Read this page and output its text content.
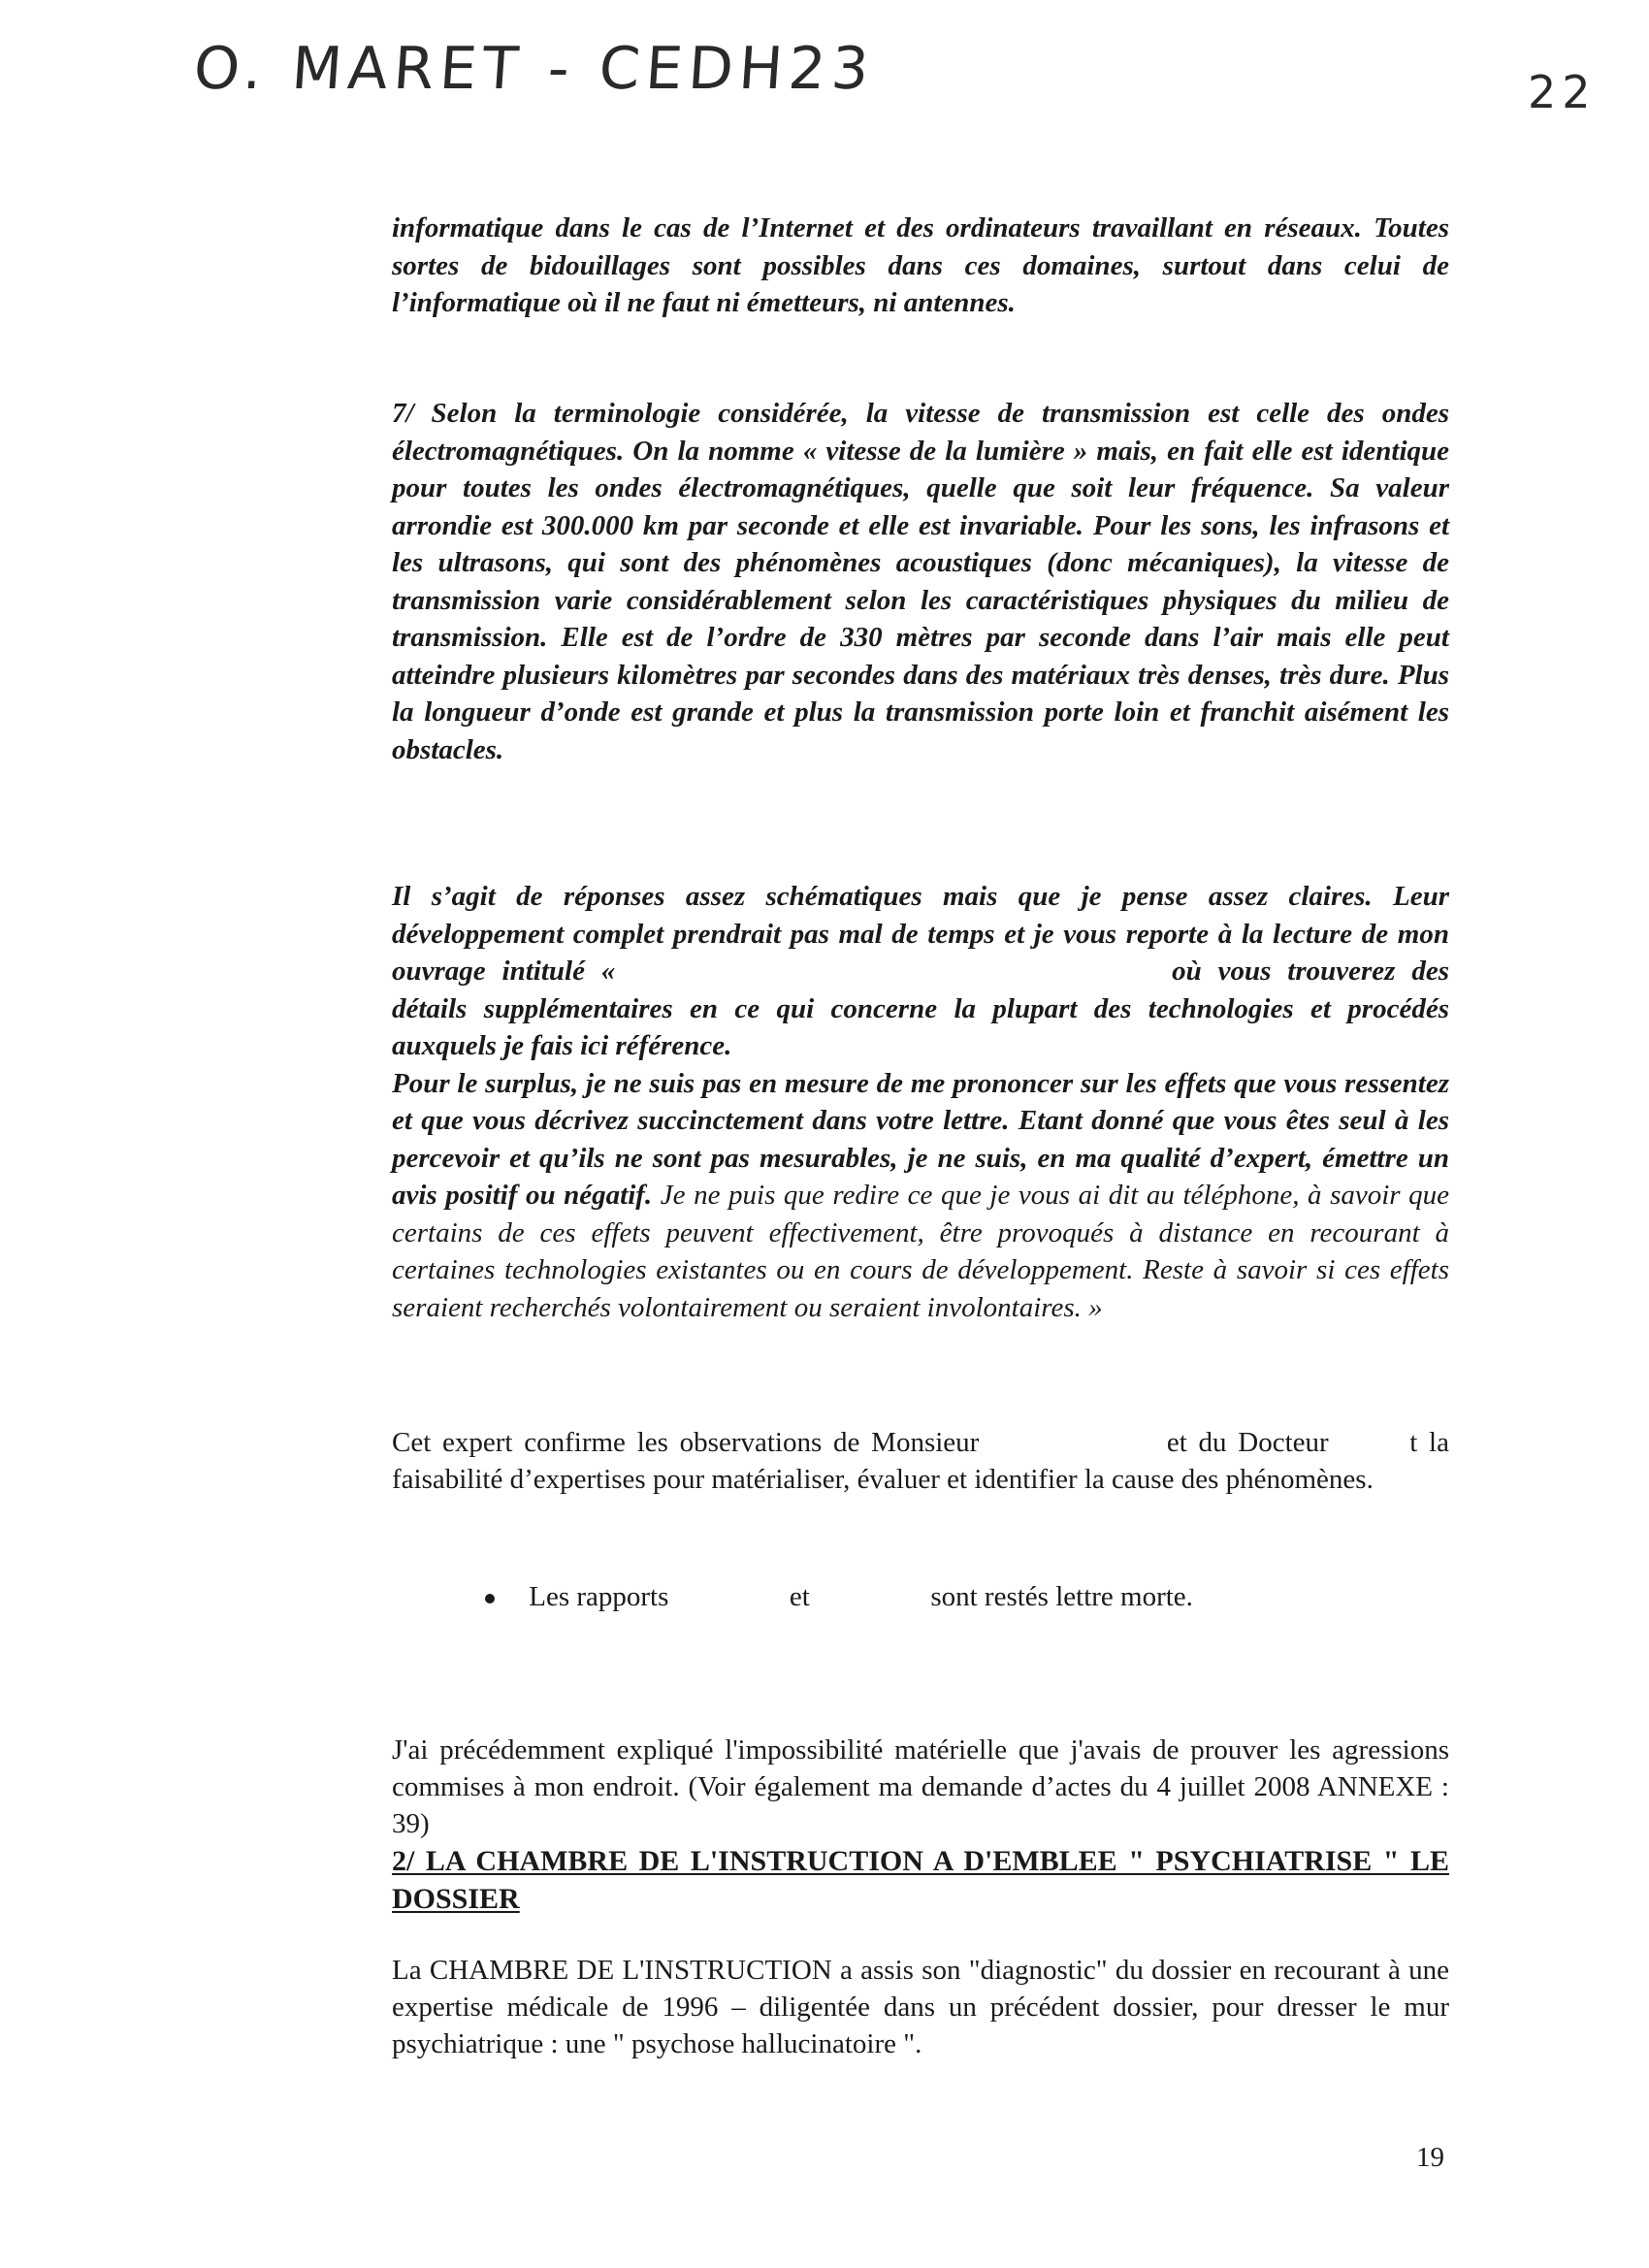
O. MARET - CEDH23	22

informatique dans le cas de l’Internet et des ordinateurs travaillant en réseaux. Toutes sortes de bidouillages sont possibles dans ces domaines, surtout dans celui de l’informatique où il ne faut ni émetteurs, ni antennes.

7/ Selon la terminologie considérée, la vitesse de transmission est celle des ondes électromagnétiques. On la nomme « vitesse de la lumière » mais, en fait elle est identique pour toutes les ondes électromagnétiques, quelle que soit leur fréquence. Sa valeur arrondie est 300.000 km par seconde et elle est invariable. Pour les sons, les infrasons et les ultrasons, qui sont des phénomènes acoustiques (donc mécaniques), la vitesse de transmission varie considérablement selon les caractéristiques physiques du milieu de transmission. Elle est de l’ordre de 330 mètres par seconde dans l’air mais elle peut atteindre plusieurs kilomètres par secondes dans des matériaux très denses, très dure. Plus la longueur d’onde est grande et plus la transmission porte loin et franchit aisément les obstacles.

Il s’agit de réponses assez schématiques mais que je pense assez claires. Leur développement complet prendrait pas mal de temps et je vous reporte à la lecture de mon ouvrage intitulé «	où vous trouverez des détails supplémentaires en ce qui concerne la plupart des technologies et procédés auxquels je fais ici référence.

Pour le surplus, je ne suis pas en mesure de me prononcer sur les effets que vous ressentez et que vous décrivez succinctement dans votre lettre. Etant donné que vous êtes seul à les percevoir et qu’ils ne sont pas mesurables, je ne suis, en ma qualité d’expert, émettre un avis positif ou négatif. Je ne puis que redire ce que je vous ai dit au téléphone, à savoir que certains de ces effets peuvent effectivement, être provoqués à distance en recourant à certaines technologies existantes ou en cours de développement. Reste à savoir si ces effets seraient recherchés volontairement ou seraient involontaires. »

Cet expert confirme les observations de Monsieur	et du Docteur	t la faisabilité d’expertises pour matérialiser, évaluer et identifier la cause des phénomènes.

Les rapports	et	sont restés lettre morte.

J'ai précédemment expliqué l'impossibilité matérielle que j'avais de prouver les agressions commises à mon endroit. (Voir également ma demande d’actes du 4 juillet 2008 ANNEXE : 39)

2/ LA CHAMBRE DE L'INSTRUCTION A D'EMBLEE " PSYCHIATRISE " LE DOSSIER

La CHAMBRE DE L'INSTRUCTION a assis son "diagnostic" du dossier en recourant à une expertise médicale de 1996 – diligentée dans un précédent dossier, pour dresser le mur psychiatrique : une " psychose hallucinatoire ".

19
